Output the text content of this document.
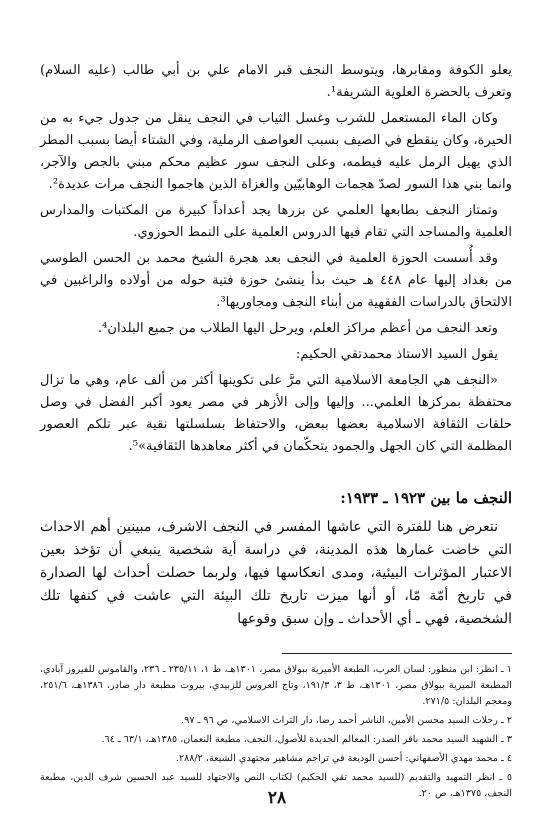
يعلو الكوفة ومقابرها، ويتوسط النجف قبر الامام علي بن أبي طالب (عليه السلام) وتعرف بالحضرة العلوية الشريفة¹.

وكان الماء المستعمل للشرب وغسل الثياب في النجف ينقل من جدول جيء به من الحيرة، وكان ينقطع في الصيف بسبب العواصف الرملية، وفي الشتاء أيضا بسبب المطر الذي يهيل الرمل عليه فيطمه، وعلى النجف سور عظيم محكم مبني بالجص والآجر، وانما بني هذا السور لصدّ هجمات الوهابيّين والغزاة الذين هاجموا النجف مرات عديدة².

وتمتاز النجف بطابعها العلمي عن بزرها يجد أعداداً كبيرة من المكتبات والمدارس العلمية والمساجد التي تقام فيها الدروس العلمية على النمط الحوزوي.

وقد أُسست الحوزة العلمية في النجف بعد هجرة الشيخ محمد بن الحسن الطوسي من بغداد إليها عام ٤٤٨ هـ حيث بدأ ينشئ حوزة فتية حوله من أولاده والراغبين في الالتحاق بالدراسات الفقهية من أبناء النجف ومجاوريها³.

وتعد النجف من أعظم مراكز العلم، ويرحل اليها الطلاب من جميع البلدان⁴.

يقول السيد الاستاذ محمدتقي الحكيم:

«النجف هي الجامعة الاسلامية التي مرَّ على تكوينها أكثر من ألف عام، وهي ما تزال محتفظة بمركزها العلمي... وإليها وإلى الأزهر في مصر يعود أكبر الفضل في وصل حلقات الثقافة الاسلامية بعضها ببعض، والاحتفاظ بسلسلتها نقية عبر تلكم العصور المظلمة التي كان الجهل والجمود يتحكّمان في أكثر معاهدها الثقافية»⁵.

النجف ما بين ١٩٢٣ ـ ١٩٣٣:

نتعرض هنا للفترة التي عاشها المفسر في النجف الاشرف، مبينين أهم الاحداث التي خاضت غمارها هذه المدينة، في دراسة أية شخصية ينبغي أن تؤخذ بعين الاعتبار المؤثرات البيئية، ومدى انعكاسها فيها، ولربما حصلت أحداث لها الصدارة في تاريخ أمّة مّا، أو أنها ميزت تاريخ تلك البيئة التي عاشت في كنفها تلك الشخصية، فهي ـ أي الأحداث ـ وإن سبق وقوعها

١ ـ انظر: ابن منظور: لسان العرب، الطبعة الأميرية ببولاق مصر، ١٣٠١هـ، ط ١، ٢٣٥/١١ ـ ٢٣٦، والقاموس للفيروز آبادي، المطبعة الميرية ببولاق مصر، ١٣٠١هـ، ط ٣، ١٩١/٣، وتاج العروس للزبيدي، بيروت مطبعة دار صادر، ١٣٨٦هـ، ٢٥١/٦، ومعجم البلدان: ٢٧١/٥.

٢ ـ رحلات السيد محسن الأمين، الناشر أحمد رضا، دار التراث الاسلامي، ص ٩٦ ـ ٩٧.

٣ ـ الشهيد السيد محمد باقر الصدر: المعالم الجديدة للأصول، النجف، مطبعة النعمان، ١٣٨٥هـ، ٦٣/١ ـ ٦٤.

٤ ـ محمد مهدي الأصفهاني: أحسن الوديعة في تراجم مشاهير مجتهدي الشيعة، ٢٨٨/٢.

٥ ـ انظر التمهيد والتقديم (للسيد محمد تقي الحكيم) لكتاب النص والاجتهاد للسيد عبد الحسين شرف الدين، مطبعة النجف، ١٣٧٥هـ، ص ٢٠.

٢٨
